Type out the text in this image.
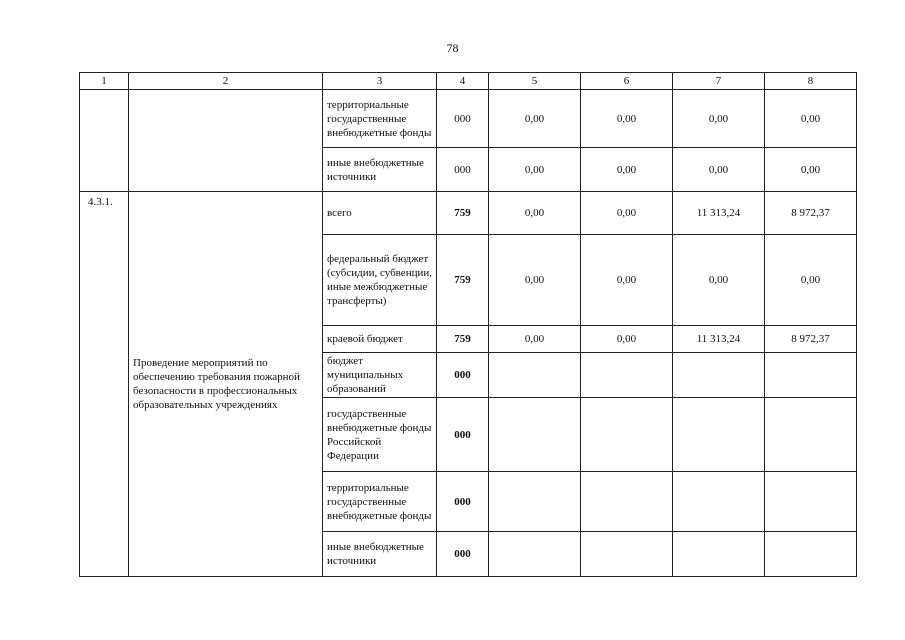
78
1	2	3	4	5	6	7	8
		территориальные государственные внебюджетные фонды	000	0,00	0,00	0,00	0,00
		иные внебюджетные источники	000	0,00	0,00	0,00	0,00
4.3.1.	Проведение мероприятий по обеспечению требования пожарной безопасности в профессиональных образовательных учреждениях	всего	759	0,00	0,00	11 313,24	8 972,37
		федеральный бюджет (субсидии, субвенции, иные межбюджетные трансферты)	759	0,00	0,00	0,00	0,00
		краевой бюджет	759	0,00	0,00	11 313,24	8 972,37
		бюджет муниципальных образований	000				
		государственные внебюджетные фонды Российской Федерации	000				
		территориальные государственные внебюджетные фонды	000				
		иные внебюджетные источники	000				
